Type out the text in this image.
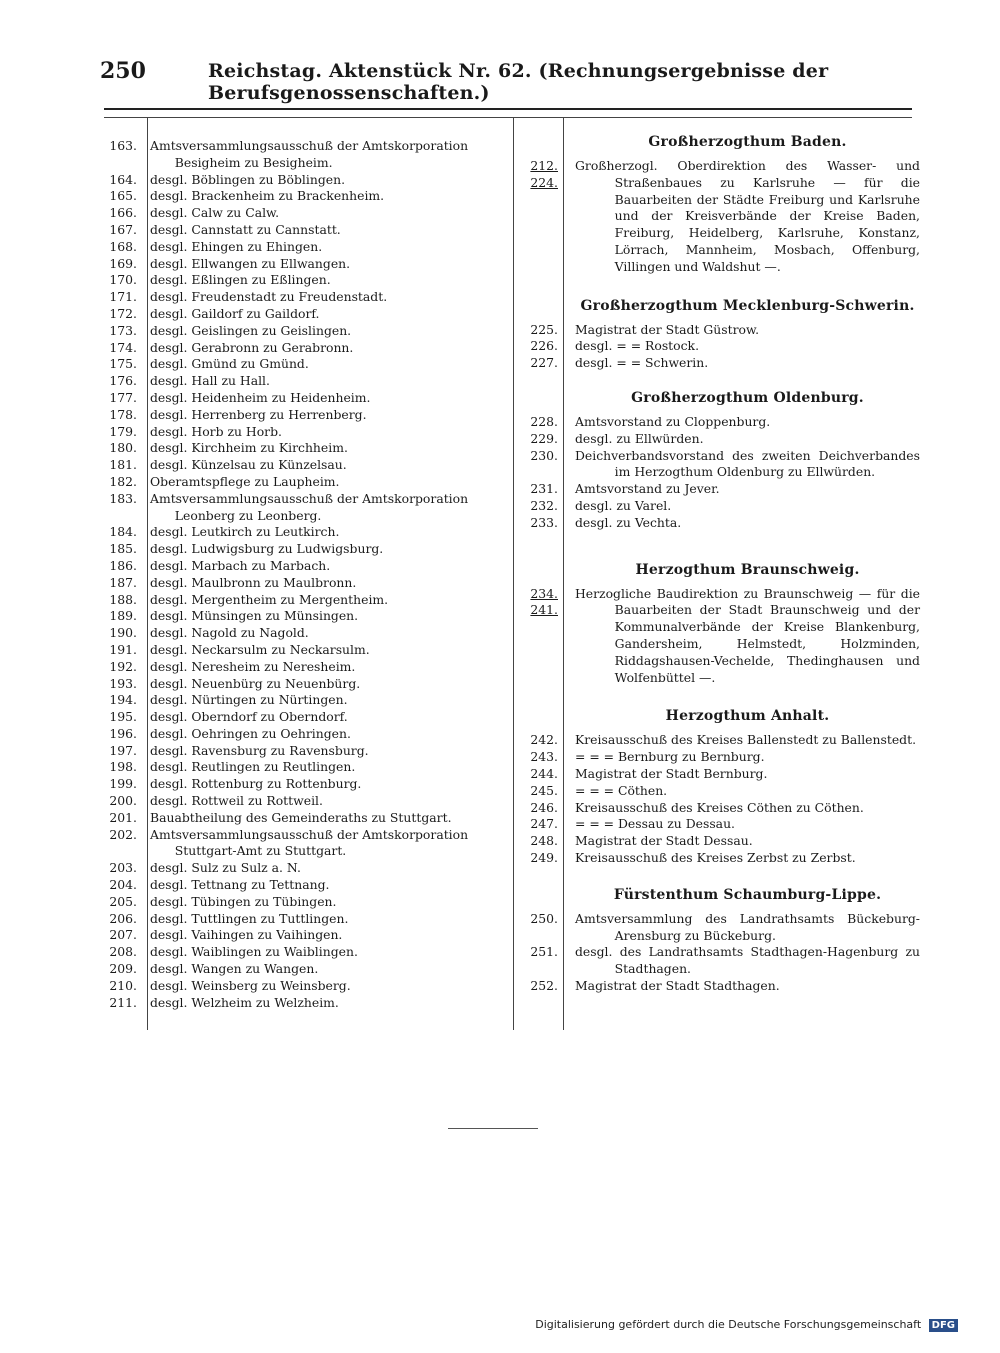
250	Reichstag. Aktenstück Nr. 62. (Rechnungsergebnisse der Berufsgenossenschaften.)
163. Amtsversammlungsausschuß der Amtskorporation Besigheim zu Besigheim.
164. desgl. Böblingen zu Böblingen.
165. desgl. Brackenheim zu Brackenheim.
166. desgl. Calw zu Calw.
167. desgl. Cannstatt zu Cannstatt.
168. desgl. Ehingen zu Ehingen.
169. desgl. Ellwangen zu Ellwangen.
170. desgl. Eßlingen zu Eßlingen.
171. desgl. Freudenstadt zu Freudenstadt.
172. desgl. Gaildorf zu Gaildorf.
173. desgl. Geislingen zu Geislingen.
174. desgl. Gerabronn zu Gerabronn.
175. desgl. Gmünd zu Gmünd.
176. desgl. Hall zu Hall.
177. desgl. Heidenheim zu Heidenheim.
178. desgl. Herrenberg zu Herrenberg.
179. desgl. Horb zu Horb.
180. desgl. Kirchheim zu Kirchheim.
181. desgl. Künzelsau zu Künzelsau.
182. Oberamtspflege zu Laupheim.
183. Amtsversammlungsausschuß der Amtskorporation Leonberg zu Leonberg.
184. desgl. Leutkirch zu Leutkirch.
185. desgl. Ludwigsburg zu Ludwigsburg.
186. desgl. Marbach zu Marbach.
187. desgl. Maulbronn zu Maulbronn.
188. desgl. Mergentheim zu Mergentheim.
189. desgl. Münsingen zu Münsingen.
190. desgl. Nagold zu Nagold.
191. desgl. Neckarsulm zu Neckarsulm.
192. desgl. Neresheim zu Neresheim.
193. desgl. Neuenbürg zu Neuenbürg.
194. desgl. Nürtingen zu Nürtingen.
195. desgl. Oberndorf zu Oberndorf.
196. desgl. Oehringen zu Oehringen.
197. desgl. Ravensburg zu Ravensburg.
198. desgl. Reutlingen zu Reutlingen.
199. desgl. Rottenburg zu Rottenburg.
200. desgl. Rottweil zu Rottweil.
201. Bauabtheilung des Gemeinderaths zu Stuttgart.
202. Amtsversammlungsausschuß der Amtskorporation Stuttgart-Amt zu Stuttgart.
203. desgl. Sulz zu Sulz a. N.
204. desgl. Tettnang zu Tettnang.
205. desgl. Tübingen zu Tübingen.
206. desgl. Tuttlingen zu Tuttlingen.
207. desgl. Vaihingen zu Vaihingen.
208. desgl. Waiblingen zu Waiblingen.
209. desgl. Wangen zu Wangen.
210. desgl. Weinsberg zu Weinsberg.
211. desgl. Welzheim zu Welzheim.
Großherzogthum Baden.
212.
224.
Großherzogl. Oberdirektion des Wasser- und Straßenbaues zu Karlsruhe — für die Bauarbeiten der Städte Freiburg und Karlsruhe und der Kreisverbände der Kreise Baden, Freiburg, Heidelberg, Karlsruhe, Konstanz, Lörrach, Mannheim, Mosbach, Offenburg, Villingen und Waldshut —.
Großherzogthum Mecklenburg-Schwerin.
225. Magistrat der Stadt Güstrow.
226. desgl. = = Rostock.
227. desgl. = = Schwerin.
Großherzogthum Oldenburg.
228. Amtsvorstand zu Cloppenburg.
229. desgl. zu Ellwürden.
230. Deichverbandsvorstand des zweiten Deichverbandes im Herzogthum Oldenburg zu Ellwürden.
231. Amtsvorstand zu Jever.
232. desgl. zu Varel.
233. desgl. zu Vechta.
Herzogthum Braunschweig.
234.
241.
Herzogliche Baudirektion zu Braunschweig — für die Bauarbeiten der Stadt Braunschweig und der Kommunalverbände der Kreise Blankenburg, Gandersheim, Helmstedt, Holzminden, Riddagshausen-Vechelde, Thedinghausen und Wolfenbüttel —.
Herzogthum Anhalt.
242. Kreisausschuß des Kreises Ballenstedt zu Ballenstedt.
243. = = = Bernburg zu Bernburg.
244. Magistrat der Stadt Bernburg.
245. = = = Cöthen.
246. Kreisausschuß des Kreises Cöthen zu Cöthen.
247. = = = Dessau zu Dessau.
248. Magistrat der Stadt Dessau.
249. Kreisausschuß des Kreises Zerbst zu Zerbst.
Fürstenthum Schaumburg-Lippe.
250. Amtsversammlung des Landrathsamts Bückeburg-Arensburg zu Bückeburg.
251. desgl. des Landrathsamts Stadthagen-Hagenburg zu Stadthagen.
252. Magistrat der Stadt Stadthagen.
Digitalisierung gefördert durch die Deutsche Forschungsgemeinschaft DFG
